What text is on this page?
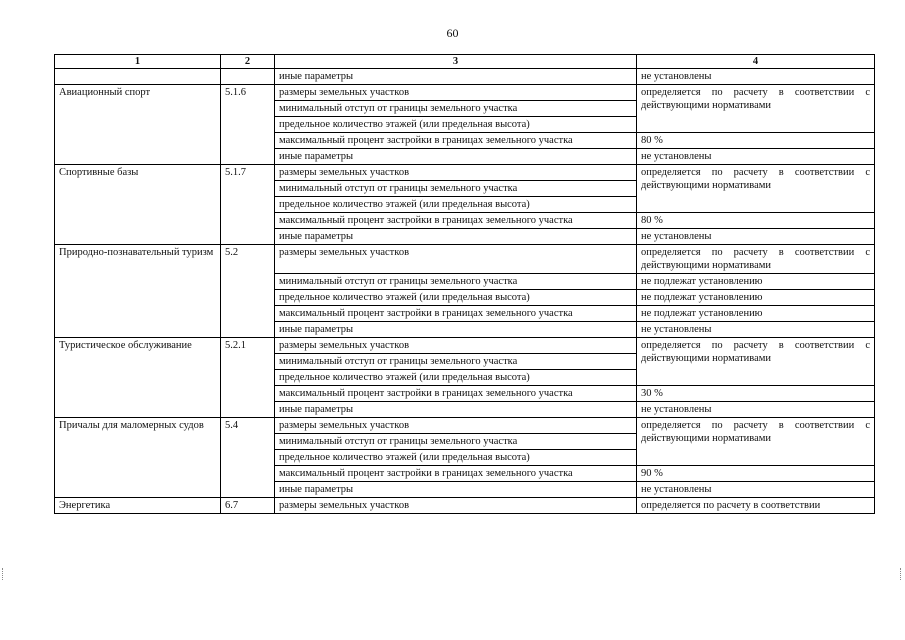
60
1	2	3	4
		иные параметры	не установлены
Авиационный спорт	5.1.6	размеры земельных участков	определяется по расчету в соответствии с действующими нормативами
		минимальный отступ от границы земельного участка	
		предельное количество этажей (или предельная высота)	
		максимальный процент застройки в границах земельного участка	80 %
		иные параметры	не установлены
Спортивные базы	5.1.7	размеры земельных участков	определяется по расчету в соответствии с действующими нормативами
		минимальный отступ от границы земельного участка	
		предельное количество этажей (или предельная высота)	
		максимальный процент застройки в границах земельного участка	80 %
		иные параметры	не установлены
Природно-познавательный туризм	5.2	размеры земельных участков	определяется по расчету в соответствии с действующими нормативами
		минимальный отступ от границы земельного участка	не подлежат установлению
		предельное количество этажей (или предельная высота)	не подлежат установлению
		максимальный процент застройки в границах земельного участка	не подлежат установлению
		иные параметры	не установлены
Туристическое обслуживание	5.2.1	размеры земельных участков	определяется по расчету в соответствии с действующими нормативами
		минимальный отступ от границы земельного участка	
		предельное количество этажей (или предельная высота)	
		максимальный процент застройки в границах земельного участка	30 %
		иные параметры	не установлены
Причалы для маломерных судов	5.4	размеры земельных участков	определяется по расчету в соответствии с действующими нормативами
		минимальный отступ от границы земельного участка	
		предельное количество этажей (или предельная высота)	
		максимальный процент застройки в границах земельного участка	90 %
		иные параметры	не установлены
Энергетика	6.7	размеры земельных участков	определяется по расчету в соответствии
